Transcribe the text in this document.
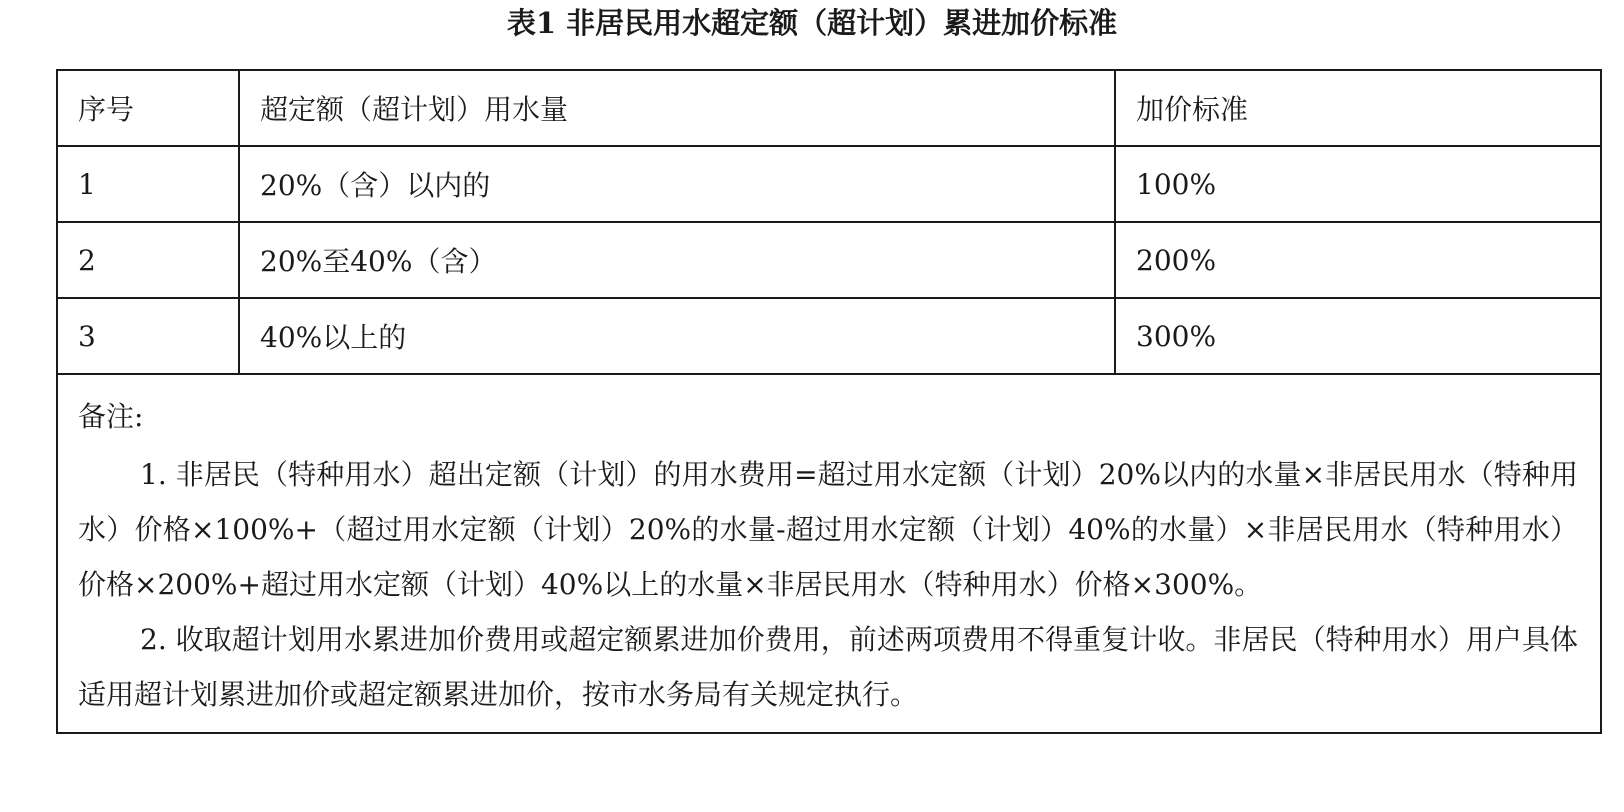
表1 非居民用水超定额（超计划）累进加价标准
序号	超定额（超计划）用水量	加价标准
1	20%（含）以内的	100%
2	20%至40%（含）	200%
3	40%以上的	300%

备注:

1. 非居民（特种用水）超出定额（计划）的用水费用=超过用水定额（计划）20%以内的水量×非居民用水（特种用水）价格×100%+（超过用水定额（计划）20%的水量-超过用水定额（计划）40%的水量）×非居民用水（特种用水）价格×200%+超过用水定额（计划）40%以上的水量×非居民用水（特种用水）价格×300%。

2. 收取超计划用水累进加价费用或超定额累进加价费用，前述两项费用不得重复计收。非居民（特种用水）用户具体适用超计划累进加价或超定额累进加价，按市水务局有关规定执行。		
